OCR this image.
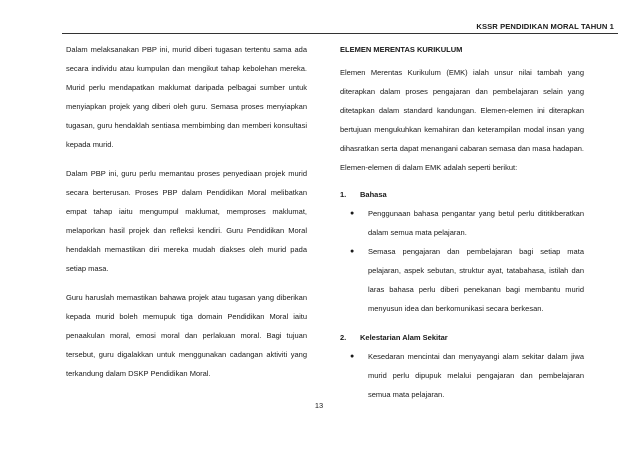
KSSR PENDIDIKAN MORAL TAHUN 1

Dalam melaksanakan PBP ini, murid diberi tugasan tertentu sama ada secara individu atau kumpulan dan mengikut tahap kebolehan mereka. Murid perlu mendapatkan maklumat daripada pelbagai sumber untuk menyiapkan projek yang diberi oleh guru. Semasa proses menyiapkan tugasan, guru hendaklah sentiasa membimbing dan memberi konsultasi kepada murid.

Dalam PBP ini, guru perlu memantau proses penyediaan projek murid secara berterusan. Proses PBP dalam Pendidikan Moral melibatkan empat tahap iaitu mengumpul maklumat, memproses maklumat, melaporkan hasil projek dan refleksi kendiri. Guru Pendidikan Moral hendaklah memastikan diri mereka mudah diakses oleh murid pada setiap masa.

Guru haruslah memastikan bahawa projek atau tugasan yang diberikan kepada murid boleh memupuk tiga domain Pendidikan Moral iaitu penaakulan moral, emosi moral dan perlakuan moral. Bagi tujuan tersebut, guru digalakkan untuk menggunakan cadangan aktiviti yang terkandung dalam DSKP Pendidikan Moral.

ELEMEN MERENTAS KURIKULUM

Elemen Merentas Kurikulum (EMK) ialah unsur nilai tambah yang diterapkan dalam proses pengajaran dan pembelajaran selain yang ditetapkan dalam standard kandungan. Elemen-elemen ini diterapkan bertujuan mengukuhkan kemahiran dan keterampilan modal insan yang dihasratkan serta dapat menangani cabaran semasa dan masa hadapan. Elemen-elemen di dalam EMK adalah seperti berikut:

1.	Bahasa
●	Penggunaan bahasa pengantar yang betul perlu dititikberatkan dalam semua mata pelajaran.
●	Semasa pengajaran dan pembelajaran bagi setiap mata pelajaran, aspek sebutan, struktur ayat, tatabahasa, istilah dan laras bahasa perlu diberi penekanan bagi membantu murid menyusun idea dan berkomunikasi secara berkesan.
2.	Kelestarian Alam Sekitar
●	Kesedaran mencintai dan menyayangi alam sekitar dalam jiwa murid perlu dipupuk melalui pengajaran dan pembelajaran semua mata pelajaran.
13
